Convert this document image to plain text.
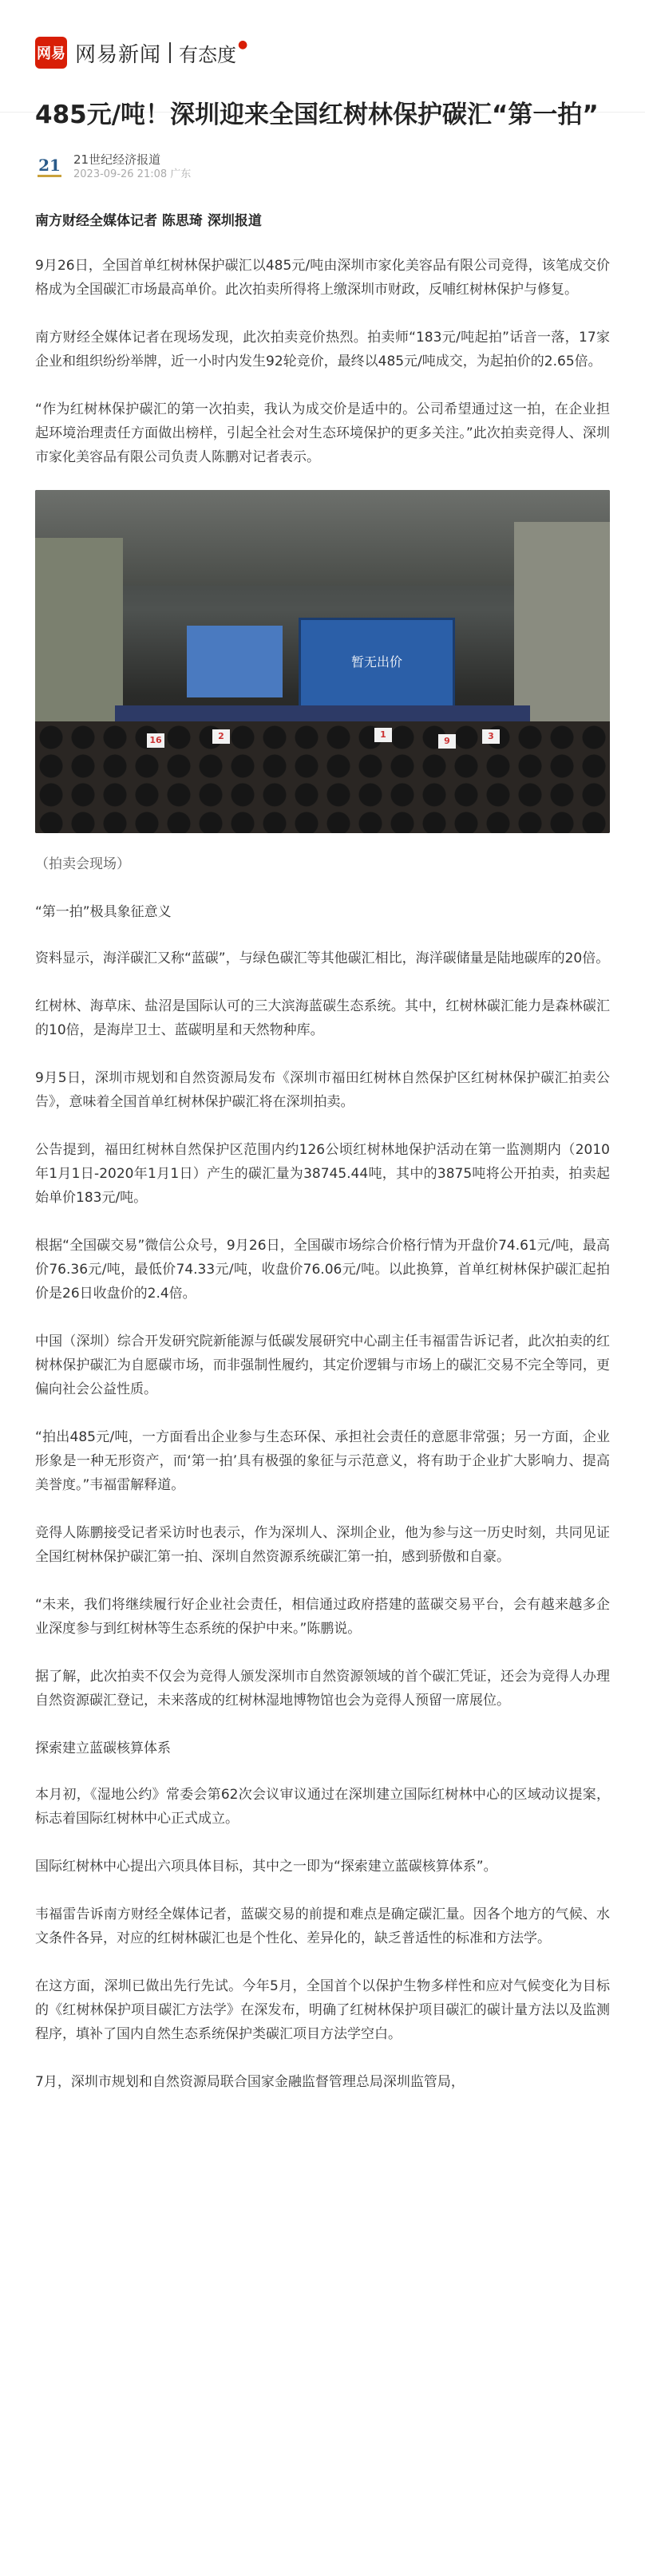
网易 网易新闻 有态度 ●
485元/吨！深圳迎来全国红树林保护碳汇“第一拍”
21 21世纪经济报道
2023-09-26 21:08 广东

南方财经全媒体记者 陈思琦 深圳报道

9月26日，全国首单红树林保护碳汇以485元/吨由深圳市家化美容品有限公司竞得，该笔成交价格成为全国碳汇市场最高单价。此次拍卖所得将上缴深圳市财政，反哺红树林保护与修复。

南方财经全媒体记者在现场发现，此次拍卖竞价热烈。拍卖师“183元/吨起拍”话音一落，17家企业和组织纷纷举牌，近一小时内发生92轮竞价，最终以485元/吨成交，为起拍价的2.65倍。

“作为红树林保护碳汇的第一次拍卖，我认为成交价是适中的。公司希望通过这一拍，在企业担起环境治理责任方面做出榜样，引起全社会对生态环境保护的更多关注。”此次拍卖竞得人、深圳市家化美容品有限公司负责人陈鹏对记者表示。

暂无出价
16	2	1
9	3

（拍卖会现场）

“第一拍”极具象征意义

资料显示，海洋碳汇又称“蓝碳”，与绿色碳汇等其他碳汇相比，海洋碳储量是陆地碳库的20倍。

红树林、海草床、盐沼是国际认可的三大滨海蓝碳生态系统。其中，红树林碳汇能力是森林碳汇的10倍，是海岸卫士、蓝碳明星和天然物种库。

9月5日，深圳市规划和自然资源局发布《深圳市福田红树林自然保护区红树林保护碳汇拍卖公告》，意味着全国首单红树林保护碳汇将在深圳拍卖。

公告提到，福田红树林自然保护区范围内约126公顷红树林地保护活动在第一监测期内（2010年1月1日-2020年1月1日）产生的碳汇量为38745.44吨，其中的3875吨将公开拍卖，拍卖起始单价183元/吨。

根据“全国碳交易”微信公众号，9月26日，全国碳市场综合价格行情为开盘价74.61元/吨，最高价76.36元/吨，最低价74.33元/吨，收盘价76.06元/吨。以此换算，首单红树林保护碳汇起拍价是26日收盘价的2.4倍。

中国（深圳）综合开发研究院新能源与低碳发展研究中心副主任韦福雷告诉记者，此次拍卖的红树林保护碳汇为自愿碳市场，而非强制性履约，其定价逻辑与市场上的碳汇交易不完全等同，更偏向社会公益性质。

“拍出485元/吨，一方面看出企业参与生态环保、承担社会责任的意愿非常强；另一方面，企业形象是一种无形资产，而‘第一拍’具有极强的象征与示范意义，将有助于企业扩大影响力、提高美誉度。”韦福雷解释道。

竞得人陈鹏接受记者采访时也表示，作为深圳人、深圳企业，他为参与这一历史时刻，共同见证全国红树林保护碳汇第一拍、深圳自然资源系统碳汇第一拍，感到骄傲和自豪。

“未来，我们将继续履行好企业社会责任，相信通过政府搭建的蓝碳交易平台，会有越来越多企业深度参与到红树林等生态系统的保护中来。”陈鹏说。

据了解，此次拍卖不仅会为竞得人颁发深圳市自然资源领域的首个碳汇凭证，还会为竞得人办理自然资源碳汇登记，未来落成的红树林湿地博物馆也会为竞得人预留一席展位。

探索建立蓝碳核算体系

本月初，《湿地公约》常委会第62次会议审议通过在深圳建立国际红树林中心的区域动议提案，标志着国际红树林中心正式成立。

国际红树林中心提出六项具体目标，其中之一即为“探索建立蓝碳核算体系”。

韦福雷告诉南方财经全媒体记者，蓝碳交易的前提和难点是确定碳汇量。因各个地方的气候、水文条件各异，对应的红树林碳汇也是个性化、差异化的，缺乏普适性的标准和方法学。

在这方面，深圳已做出先行先试。今年5月，全国首个以保护生物多样性和应对气候变化为目标的《红树林保护项目碳汇方法学》在深发布，明确了红树林保护项目碳汇的碳计量方法以及监测程序，填补了国内自然生态系统保护类碳汇项目方法学空白。

7月，深圳市规划和自然资源局联合国家金融监督管理总局深圳监管局，
